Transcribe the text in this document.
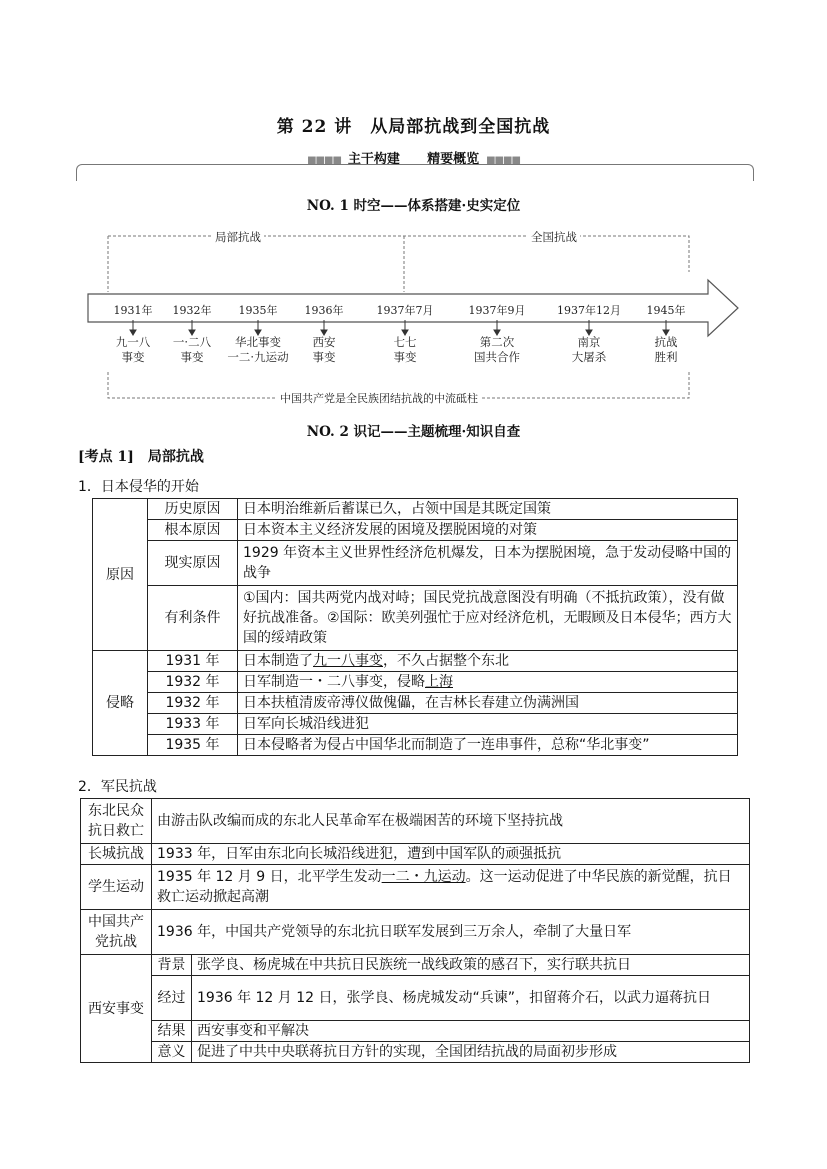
第 22 讲　从局部抗战到全国抗战
■■■■  主干构建 精要概览  ■■■■
NO. 1 时空——体系搭建·史实定位
局部抗战	全国抗战
1931年	1932年	1935年	1936年	1937年7月	1937年9月	1937年12月	1945年
九一八
事变
一·二八
事变
华北事变
一二·九运动
西安
事变
七七
事变
第二次
国共合作
南京
大屠杀
抗战
胜利
中国共产党是全民族团结抗战的中流砥柱
NO. 2 识记——主题梳理·知识自查
[考点 1]　局部抗战
1．日本侵华的开始
原因	历史原因	日本明治维新后蓄谋已久，占领中国是其既定国策
	根本原因	日本资本主义经济发展的困境及摆脱困境的对策
	现实原因	1929 年资本主义世界性经济危机爆发，日本为摆脱困境，急于发动侵略中国的战争
	有利条件	①国内：国共两党内战对峙；国民党抗战意图没有明确（不抵抗政策），没有做好抗战准备。②国际：欧美列强忙于应对经济危机，无暇顾及日本侵华；西方大国的绥靖政策
侵略	1931 年	日本制造了九一八事变，不久占据整个东北
	1932 年	日军制造一・二八事变，侵略上海
	1932 年	日本扶植清废帝溥仪做傀儡，在吉林长春建立伪满洲国
	1933 年	日军向长城沿线进犯
	1935 年	日本侵略者为侵占中国华北而制造了一连串事件，总称“华北事变”
2．军民抗战
东北民众抗日救亡	由游击队改编而成的东北人民革命军在极端困苦的环境下坚持抗战	
长城抗战	1933 年，日军由东北向长城沿线进犯，遭到中国军队的顽强抵抗	
学生运动	1935 年 12 月 9 日，北平学生发动一二・九运动。这一运动促进了中华民族的新觉醒，抗日救亡运动掀起高潮	

中国共产党抗战	1936 年，中国共产党领导的东北抗日联军发展到三万余人，牵制了大量日军	
西安事变	背景	张学良、杨虎城在中共抗日民族统一战线政策的感召下，实行联共抗日
	经过	1936 年 12 月 12 日，张学良、杨虎城发动“兵谏”，扣留蒋介石，以武力逼蒋抗日
	结果	西安事变和平解决
	意义	促进了中共中央联蒋抗日方针的实现，全国团结抗战的局面初步形成
